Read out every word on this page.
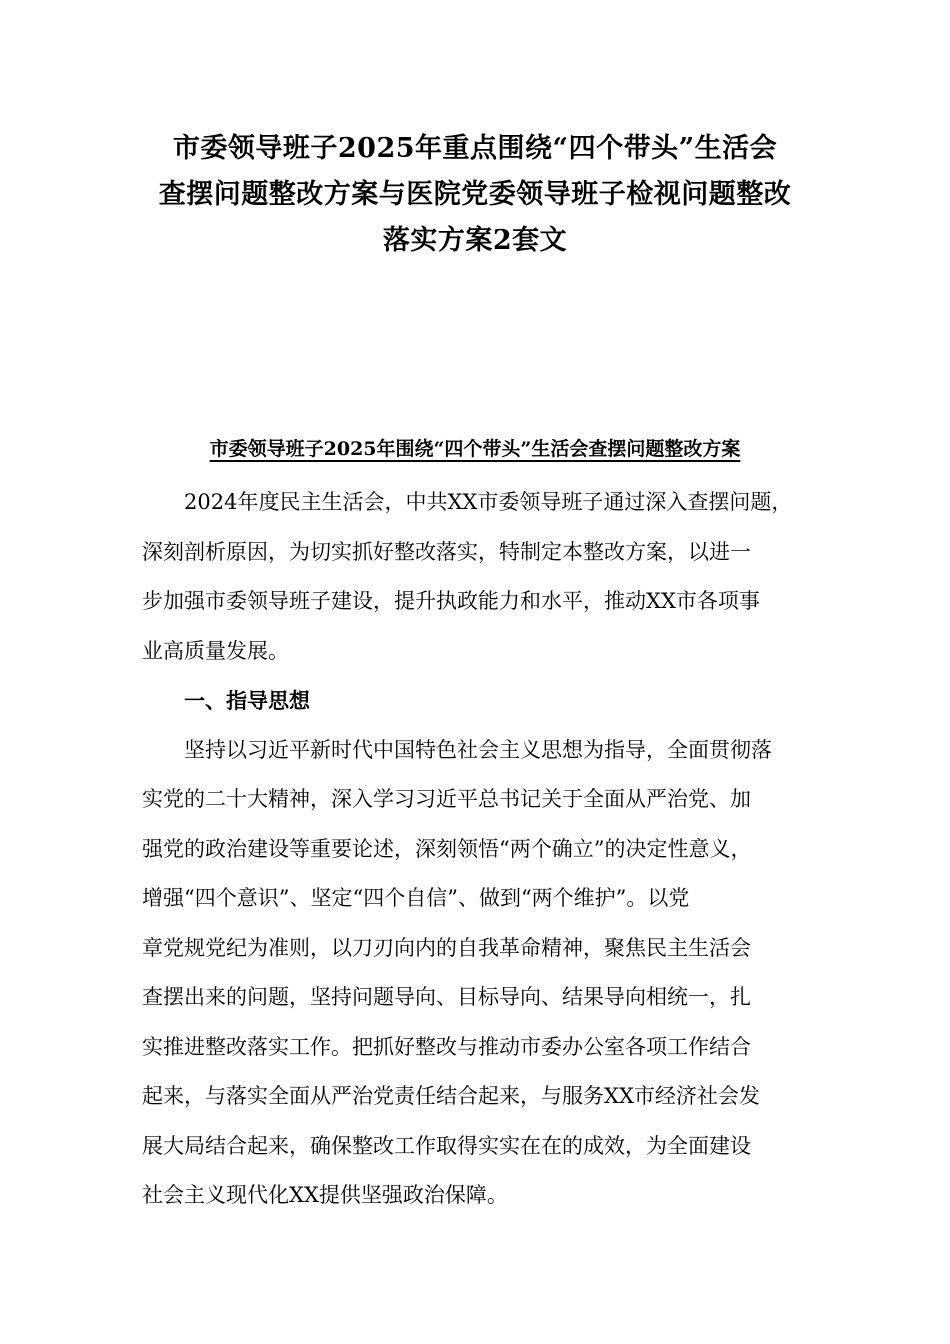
市委领导班子2025年重点围绕“四个带头”生活会
查摆问题整改方案与医院党委领导班子检视问题整改
落实方案2套文
市委领导班子2025年围绕“四个带头”生活会查摆问题整改方案
2024年度民主生活会，中共XX市委领导班子通过深入查摆问题，
深刻剖析原因，为切实抓好整改落实，特制定本整改方案，以进一
步加强市委领导班子建设，提升执政能力和水平，推动XX市各项事
业高质量发展。
一、指导思想
坚持以习近平新时代中国特色社会主义思想为指导，全面贯彻落
实党的二十大精神，深入学习习近平总书记关于全面从严治党、加
强党的政治建设等重要论述，深刻领悟“两个确立”的决定性意义，
增强“四个意识”、坚定“四个自信”、做到“两个维护”。以党
章党规党纪为准则，以刀刃向内的自我革命精神，聚焦民主生活会
查摆出来的问题，坚持问题导向、目标导向、结果导向相统一，扎
实推进整改落实工作。把抓好整改与推动市委办公室各项工作结合
起来，与落实全面从严治党责任结合起来，与服务XX市经济社会发
展大局结合起来，确保整改工作取得实实在在的成效，为全面建设
社会主义现代化XX提供坚强政治保障。
